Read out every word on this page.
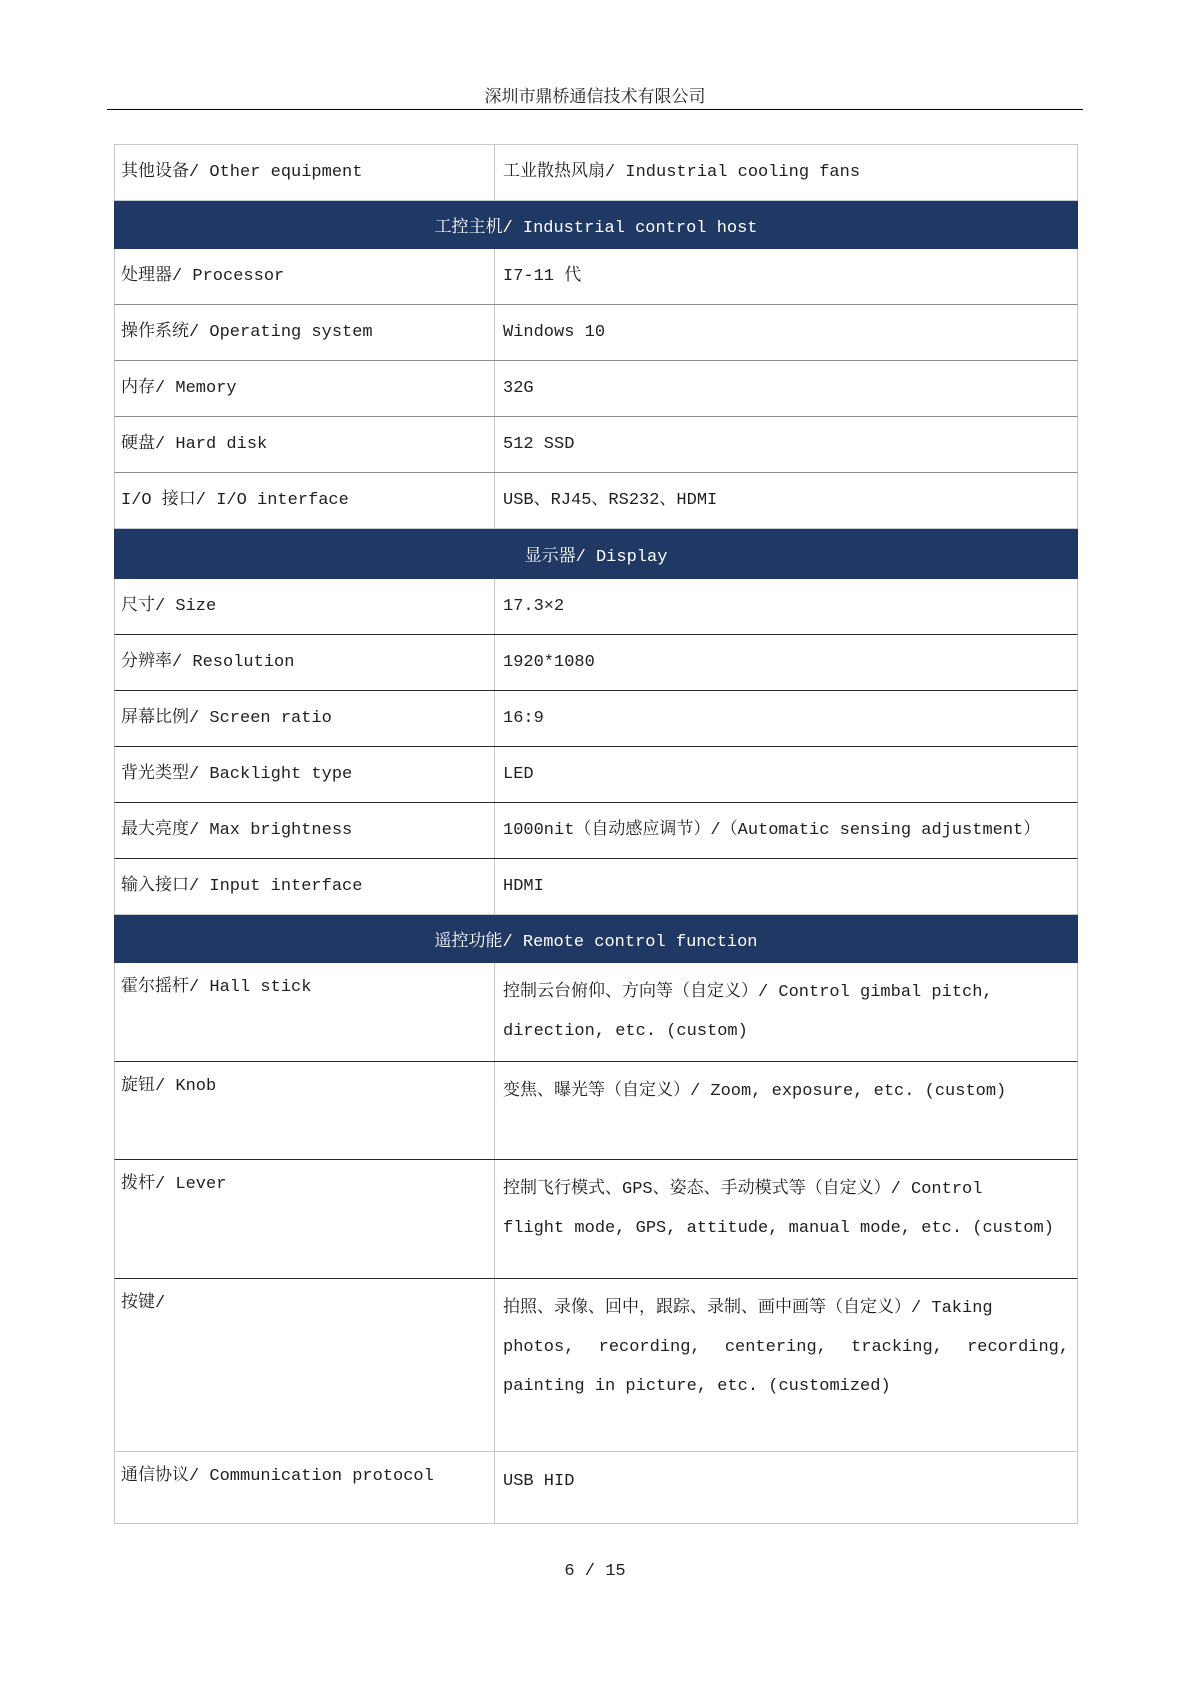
深圳市鼎桥通信技术有限公司
其他设备/ Other equipment	工业散热风扇/ Industrial cooling fans
工控主机/ Industrial control host
处理器/ Processor	I7-11 代
操作系统/ Operating system	Windows 10
内存/ Memory	32G
硬盘/ Hard disk	512 SSD
I/O 接口/ I/O interface	USB、RJ45、RS232、HDMI
显示器/ Display
尺寸/ Size	17.3×2
分辨率/ Resolution	1920*1080
屏幕比例/ Screen ratio	16:9
背光类型/ Backlight type	LED
最大亮度/ Max brightness	1000nit（自动感应调节）/（Automatic sensing adjustment）
输入接口/ Input interface	HDMI
遥控功能/ Remote control function
霍尔摇杆/ Hall stick	控制云台俯仰、方向等（自定义）/ Control gimbal pitch,
direction, etc. (custom)
旋钮/ Knob	变焦、曝光等（自定义）/ Zoom, exposure, etc. (custom)
拨杆/ Lever	控制飞行模式、GPS、姿态、手动模式等（自定义）/ Control
flight mode, GPS, attitude, manual mode, etc. (custom)
按键/	拍照、录像、回中，跟踪、录制、画中画等（自定义）/ Taking
photos, recording, centering, tracking, recording,
painting in picture, etc. (customized)
通信协议/ Communication protocol	USB HID
6 / 15
